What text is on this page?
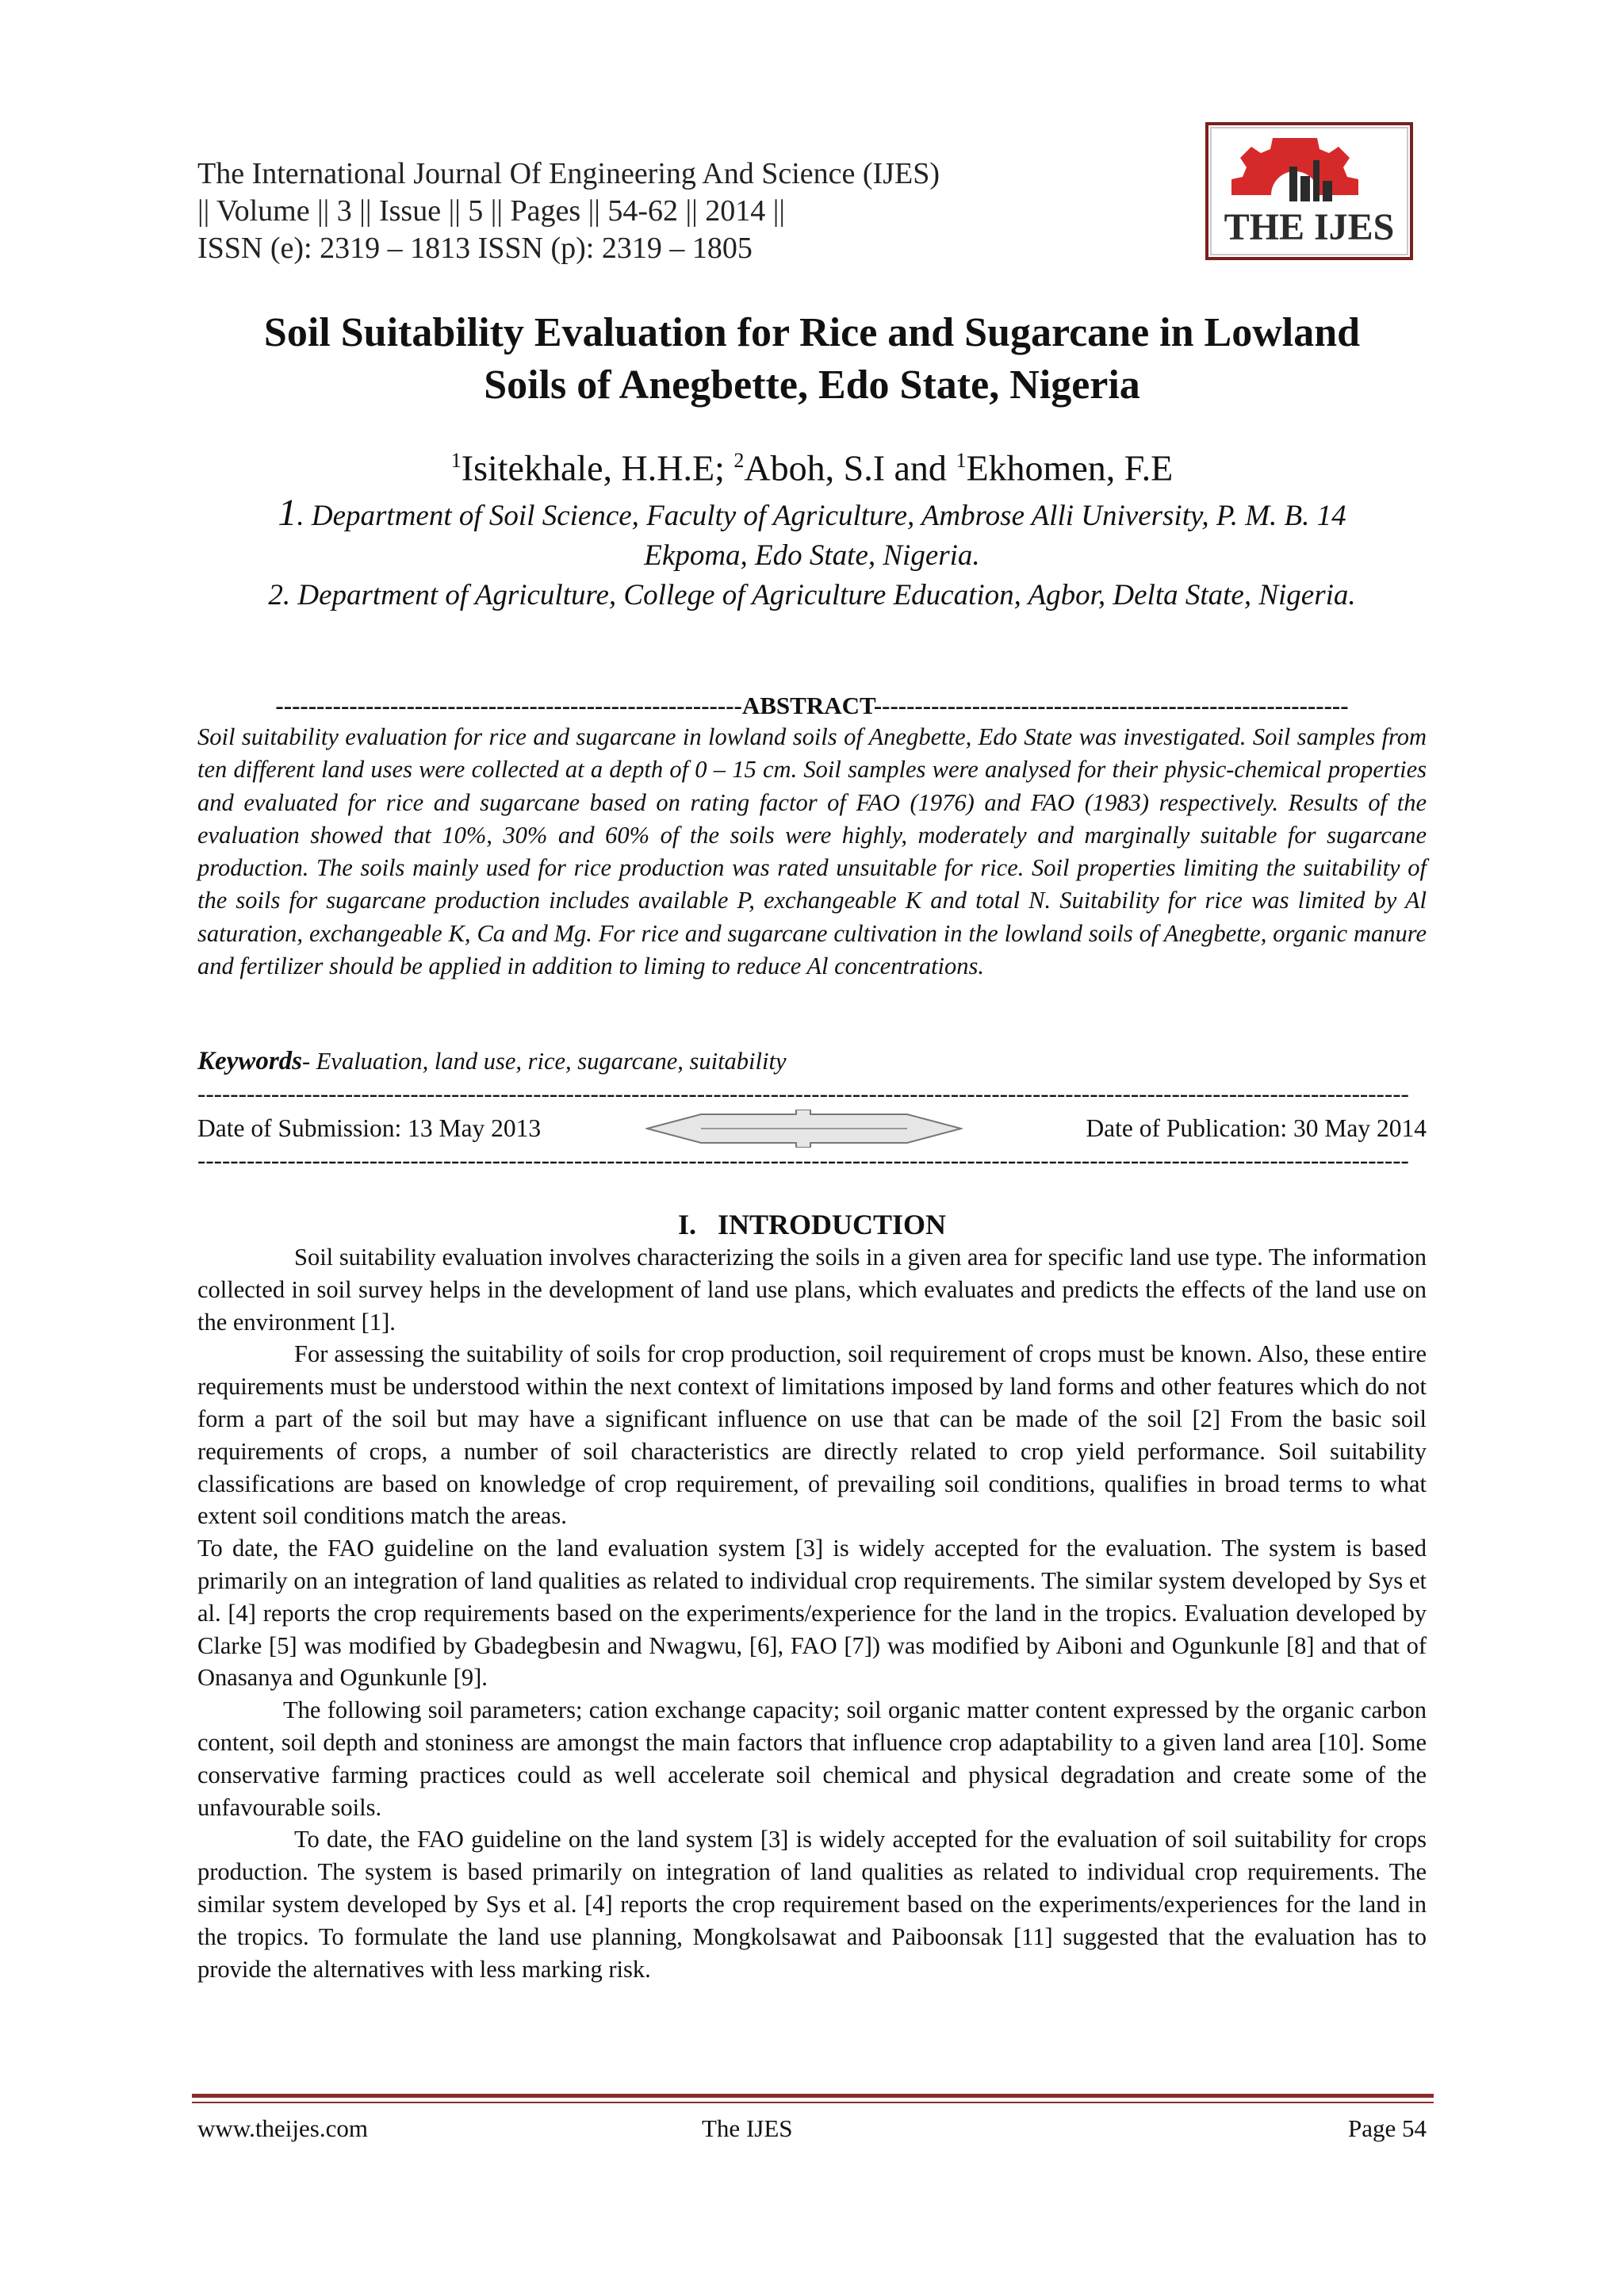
The International Journal Of Engineering And Science (IJES)
|| Volume || 3 || Issue || 5 || Pages || 54-62 || 2014 ||
ISSN (e): 2319 – 1813 ISSN (p): 2319 – 1805	THE IJES
Soil Suitability Evaluation for Rice and Sugarcane in Lowland
Soils of Anegbette, Edo State, Nigeria
$^1$Isitekhale, H.H.E; $^2$Aboh, S.I and $^1$Ekhomen, F.E
1. Department of Soil Science, Faculty of Agriculture, Ambrose Alli University, P. M. B. 14
Ekpoma, Edo State, Nigeria.
2. Department of Agriculture, College of Agriculture Education, Agbor, Delta State, Nigeria.
---------------------------------------------------------ABSTRACT----------------------------------------------------------
Soil suitability evaluation for rice and sugarcane in lowland soils of Anegbette, Edo State was investigated. Soil samples from ten different land uses were collected at a depth of 0 – 15 cm. Soil samples were analysed for their physic-chemical properties and evaluated for rice and sugarcane based on rating factor of FAO (1976) and FAO (1983) respectively. Results of the evaluation showed that 10%, 30% and 60% of the soils were highly, moderately and marginally suitable for sugarcane production. The soils mainly used for rice production was rated unsuitable for rice. Soil properties limiting the suitability of the soils for sugarcane production includes available P, exchangeable K and total N. Suitability for rice was limited by Al saturation, exchangeable K, Ca and Mg. For rice and sugarcane cultivation in the lowland soils of Anegbette, organic manure and fertilizer should be applied in addition to liming to reduce Al concentrations.
Keywords- Evaluation, land use, rice, sugarcane, suitability
----------------------------------------------------------------------------------------------------------------------------------------------------
Date of Submission: 13 May 2013	Date of Publication: 30 May 2014
----------------------------------------------------------------------------------------------------------------------------------------------------
I. INTRODUCTION

Soil suitability evaluation involves characterizing the soils in a given area for specific land use type. The information collected in soil survey helps in the development of land use plans, which evaluates and predicts the effects of the land use on the environment [1].

For assessing the suitability of soils for crop production, soil requirement of crops must be known. Also, these entire requirements must be understood within the next context of limitations imposed by land forms and other features which do not form a part of the soil but may have a significant influence on use that can be made of the soil [2] From the basic soil requirements of crops, a number of soil characteristics are directly related to crop yield performance. Soil suitability classifications are based on knowledge of crop requirement, of prevailing soil conditions, qualifies in broad terms to what extent soil conditions match the areas.

To date, the FAO guideline on the land evaluation system [3] is widely accepted for the evaluation. The system is based primarily on an integration of land qualities as related to individual crop requirements. The similar system developed by Sys et al. [4] reports the crop requirements based on the experiments/experience for the land in the tropics. Evaluation developed by Clarke [5] was modified by Gbadegbesin and Nwagwu, [6], FAO [7]) was modified by Aiboni and Ogunkunle [8] and that of Onasanya and Ogunkunle [9].

The following soil parameters; cation exchange capacity; soil organic matter content expressed by the organic carbon content, soil depth and stoniness are amongst the main factors that influence crop adaptability to a given land area [10]. Some conservative farming practices could as well accelerate soil chemical and physical degradation and create some of the unfavourable soils.

To date, the FAO guideline on the land system [3] is widely accepted for the evaluation of soil suitability for crops production. The system is based primarily on integration of land qualities as related to individual crop requirements. The similar system developed by Sys et al. [4] reports the crop requirement based on the experiments/experiences for the land in the tropics. To formulate the land use planning, Mongkolsawat and Paiboonsak [11] suggested that the evaluation has to provide the alternatives with less marking risk.

www.theijes.com	The IJES	Page 54
